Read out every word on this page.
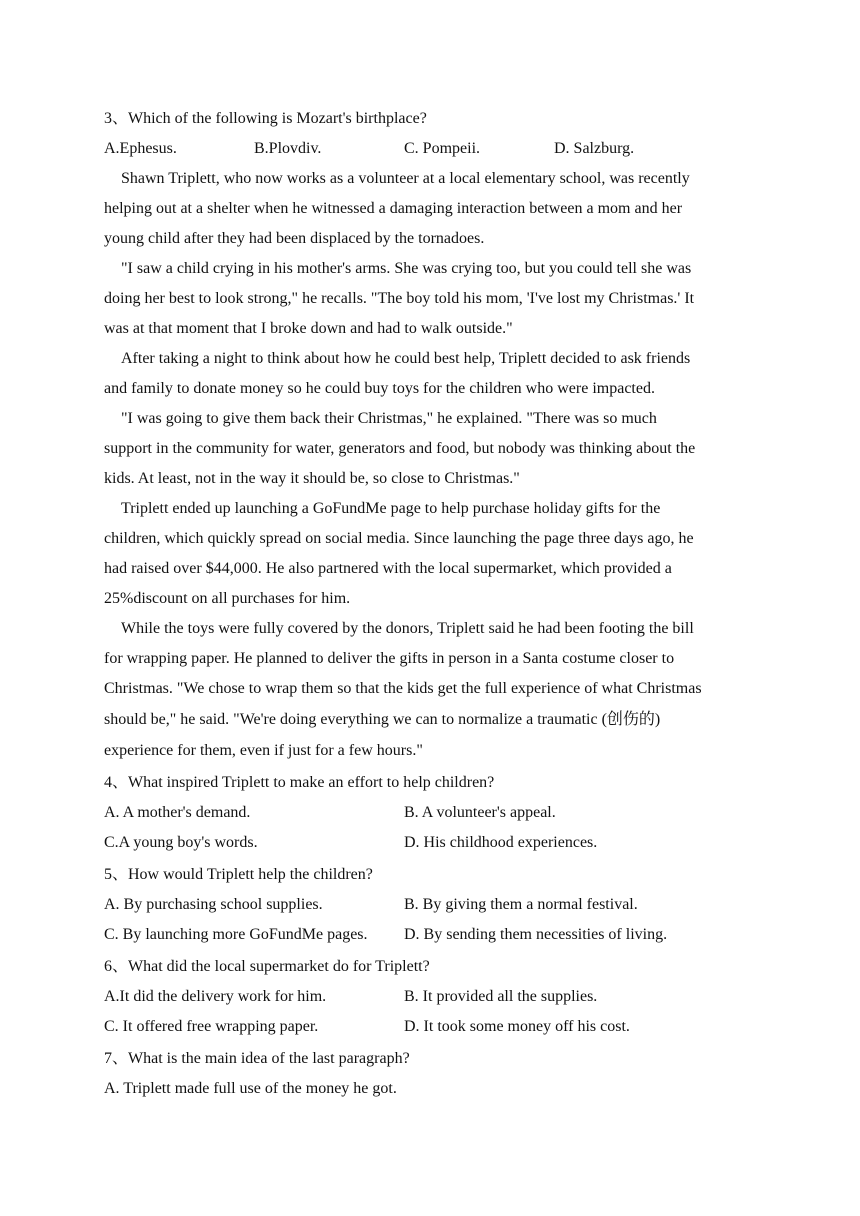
3、Which of the following is Mozart's birthplace?
A.Ephesus.	B.Plovdiv.	C. Pompeii.	D. Salzburg.
Shawn Triplett, who now works as a volunteer at a local elementary school, was recently
helping out at a shelter when he witnessed a damaging interaction between a mom and her
young child after they had been displaced by the tornadoes.
"I saw a child crying in his mother's arms. She was crying too, but you could tell she was
doing her best to look strong," he recalls. "The boy told his mom, 'I've lost my Christmas.' It
was at that moment that I broke down and had to walk outside."
After taking a night to think about how he could best help, Triplett decided to ask friends
and family to donate money so he could buy toys for the children who were impacted.
"I was going to give them back their Christmas," he explained. "There was so much
support in the community for water, generators and food, but nobody was thinking about the
kids. At least, not in the way it should be, so close to Christmas."
Triplett ended up launching a GoFundMe page to help purchase holiday gifts for the
children, which quickly spread on social media. Since launching the page three days ago, he
had raised over $44,000. He also partnered with the local supermarket, which provided a
25%discount on all purchases for him.
While the toys were fully covered by the donors, Triplett said he had been footing the bill
for wrapping paper. He planned to deliver the gifts in person in a Santa costume closer to
Christmas. "We chose to wrap them so that the kids get the full experience of what Christmas
should be," he said. "We're doing everything we can to normalize a traumatic (创伤的)
experience for them, even if just for a few hours."
4、What inspired Triplett to make an effort to help children?
A. A mother's demand.	B. A volunteer's appeal.
C.A young boy's words.	D. His childhood experiences.
5、How would Triplett help the children?
A. By purchasing school supplies.	B. By giving them a normal festival.
C. By launching more GoFundMe pages.	D. By sending them necessities of living.
6、What did the local supermarket do for Triplett?
A.It did the delivery work for him.	B. It provided all the supplies.
C. It offered free wrapping paper.	D. It took some money off his cost.
7、What is the main idea of the last paragraph?
A. Triplett made full use of the money he got.
